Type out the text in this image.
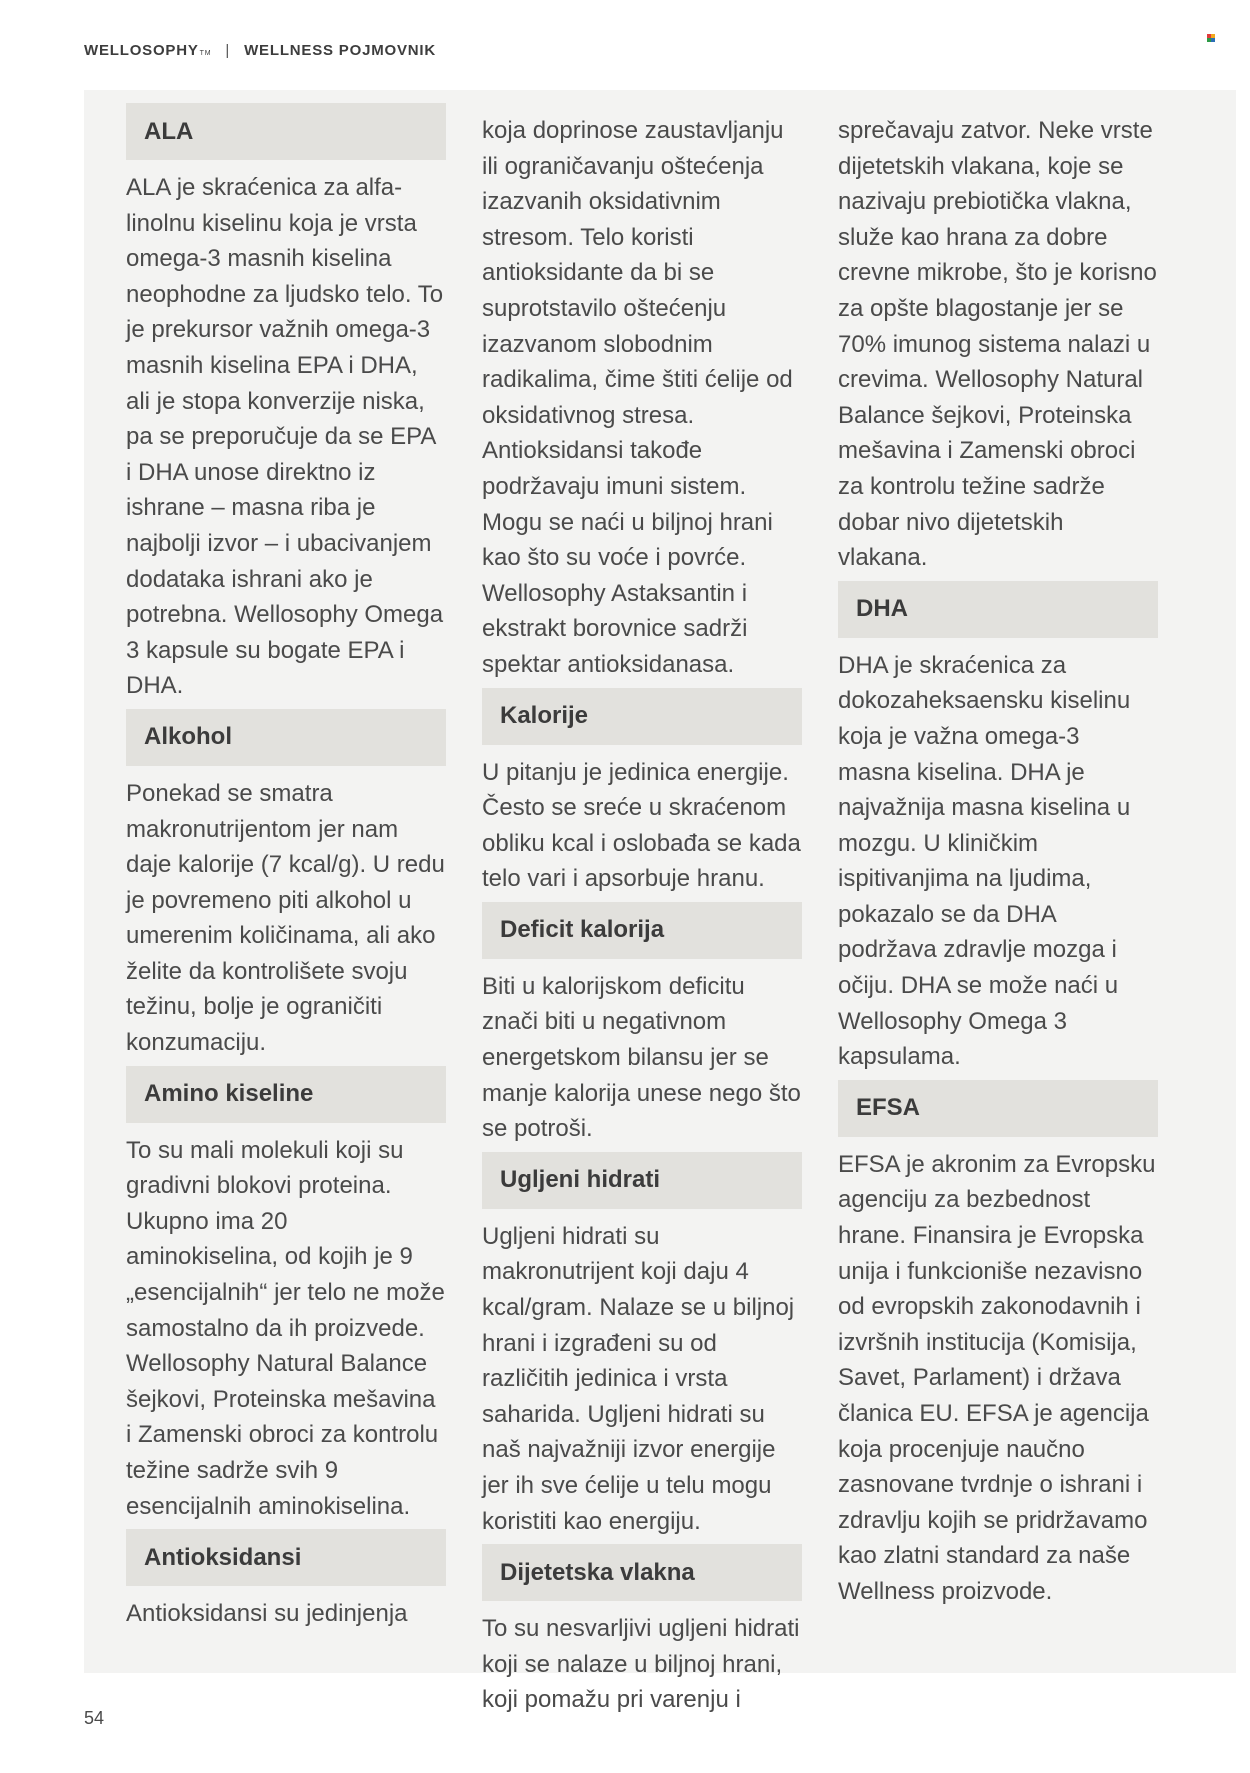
WELLOSOPHY TM | WELLNESS POJMOVNIK
ALA

ALA je skraćenica za alfa-linolnu kiselinu koja je vrsta omega-3 masnih kiselina neophodne za ljudsko telo. To je prekursor važnih omega-3 masnih kiselina EPA i DHA, ali je stopa konverzije niska, pa se preporučuje da se EPA i DHA unose direktno iz ishrane – masna riba je najbolji izvor – i ubacivanjem dodataka ishrani ako je potrebna. Wellosophy Omega 3 kapsule su bogate EPA i DHA.

Alkohol

Ponekad se smatra makronutrijentom jer nam daje kalorije (7 kcal/g). U redu je povremeno piti alkohol u umerenim količinama, ali ako želite da kontrolišete svoju težinu, bolje je ograničiti konzumaciju.

Amino kiseline

To su mali molekuli koji su gradivni blokovi proteina. Ukupno ima 20 aminokiselina, od kojih je 9 „esencijalnih“ jer telo ne može samostalno da ih proizvede. Wellosophy Natural Balance šejkovi, Proteinska mešavina i Zamenski obroci za kontrolu težine sadrže svih 9 esencijalnih aminokiselina.

Antioksidansi

Antioksidansi su jedinjenja

koja doprinose zaustavljanju ili ograničavanju oštećenja izazvanih oksidativnim stresom. Telo koristi antioksidante da bi se suprotstavilo oštećenju izazvanom slobodnim radikalima, čime štiti ćelije od oksidativnog stresa. Antioksidansi takođe podržavaju imuni sistem. Mogu se naći u biljnoj hrani kao što su voće i povrće. Wellosophy Astaksantin i ekstrakt borovnice sadrži spektar antioksidanasa.

Kalorije

U pitanju je jedinica energije. Često se sreće u skraćenom obliku kcal i oslobađa se kada telo vari i apsorbuje hranu.

Deficit kalorija

Biti u kalorijskom deficitu znači biti u negativnom energetskom bilansu jer se manje kalorija unese nego što se potroši.

Ugljeni hidrati

Ugljeni hidrati su makronutrijent koji daju 4 kcal/gram. Nalaze se u biljnoj hrani i izgrađeni su od različitih jedinica i vrsta saharida. Ugljeni hidrati su naš najvažniji izvor energije jer ih sve ćelije u telu mogu koristiti kao energiju.

Dijetetska vlakna

To su nesvarljivi ugljeni hidrati koji se nalaze u biljnoj hrani, koji pomažu pri varenju i

sprečavaju zatvor. Neke vrste dijetetskih vlakana, koje se nazivaju prebiotička vlakna, služe kao hrana za dobre crevne mikrobe, što je korisno za opšte blagostanje jer se 70% imunog sistema nalazi u crevima. Wellosophy Natural Balance šejkovi, Proteinska mešavina i Zamenski obroci za kontrolu težine sadrže dobar nivo dijetetskih vlakana.

DHA

DHA je skraćenica za dokozaheksaensku kiselinu koja je važna omega-3 masna kiselina. DHA je najvažnija masna kiselina u mozgu. U kliničkim ispitivanjima na ljudima, pokazalo se da DHA podržava zdravlje mozga i očiju. DHA se može naći u Wellosophy Omega 3 kapsulama.

EFSA

EFSA je akronim za Evropsku agenciju za bezbednost hrane. Finansira je Evropska unija i funkcioniše nezavisno od evropskih zakonodavnih i izvršnih institucija (Komisija, Savet, Parlament) i država članica EU. EFSA je agencija koja procenjuje naučno zasnovane tvrdnje o ishrani i zdravlju kojih se pridržavamo kao zlatni standard za naše Wellness proizvode.

54
